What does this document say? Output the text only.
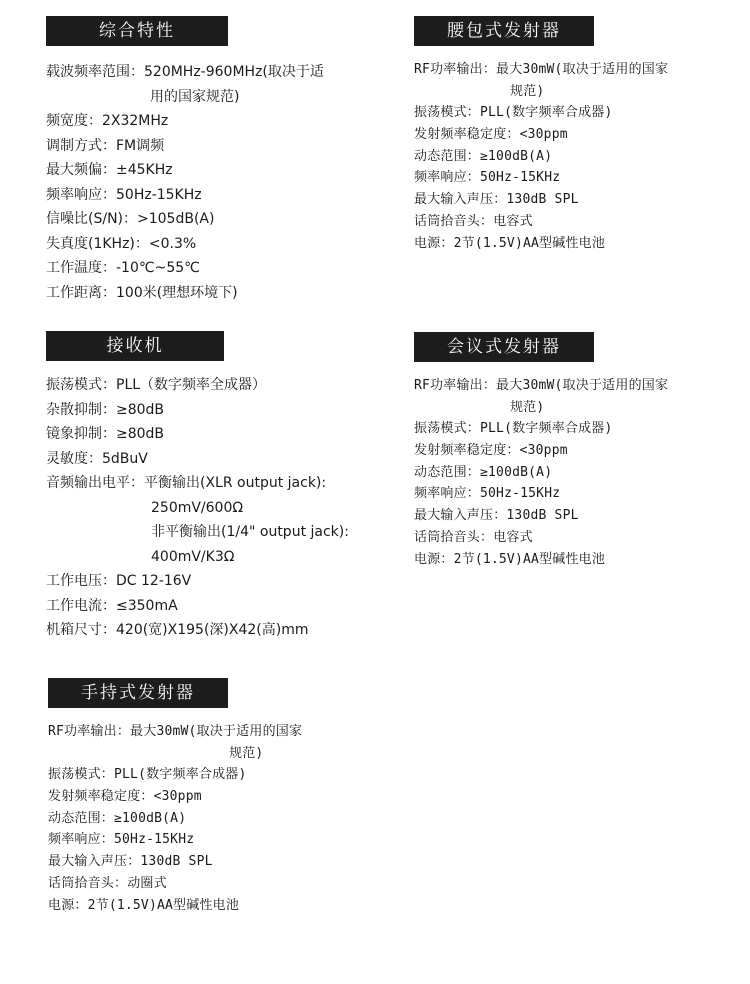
综合特性
载波频率范围：520MHz-960MHz(取决于适
用的国家规范)
频宽度：2X32MHz
调制方式：FM调频
最大频偏：±45KHz
频率响应：50Hz-15KHz
信噪比(S/N)：>105dB(A)
失真度(1KHz)：<0.3%
工作温度：-10℃~55℃
工作距离：100米(理想环境下)
接收机
振荡模式：PLL（数字频率全成器）
杂散抑制：≥80dB
镜象抑制：≥80dB
灵敏度：5dBuV
音频输出电平：平衡输出(XLR output jack):
250mV/600Ω
非平衡输出(1/4" output jack):
400mV/K3Ω
工作电压：DC 12-16V
工作电流：≤350mA
机箱尺寸：420(宽)X195(深)X42(高)mm
手持式发射器
RF功率输出：最大30mW(取决于适用的国家
规范)
振荡模式：PLL(数字频率合成器)
发射频率稳定度：<30ppm
动态范围：≥100dB(A)
频率响应：50Hz-15KHz
最大输入声压：130dB SPL
话筒拾音头：动圈式
电源：2节(1.5V)AA型碱性电池
腰包式发射器
RF功率输出：最大30mW(取决于适用的国家
规范)
振荡模式：PLL(数字频率合成器)
发射频率稳定度：<30ppm
动态范围：≥100dB(A)
频率响应：50Hz-15KHz
最大输入声压：130dB SPL
话筒拾音头：电容式
电源：2节(1.5V)AA型碱性电池
会议式发射器
RF功率输出：最大30mW(取决于适用的国家
规范)
振荡模式：PLL(数字频率合成器)
发射频率稳定度：<30ppm
动态范围：≥100dB(A)
频率响应：50Hz-15KHz
最大输入声压：130dB SPL
话筒拾音头：电容式
电源：2节(1.5V)AA型碱性电池
